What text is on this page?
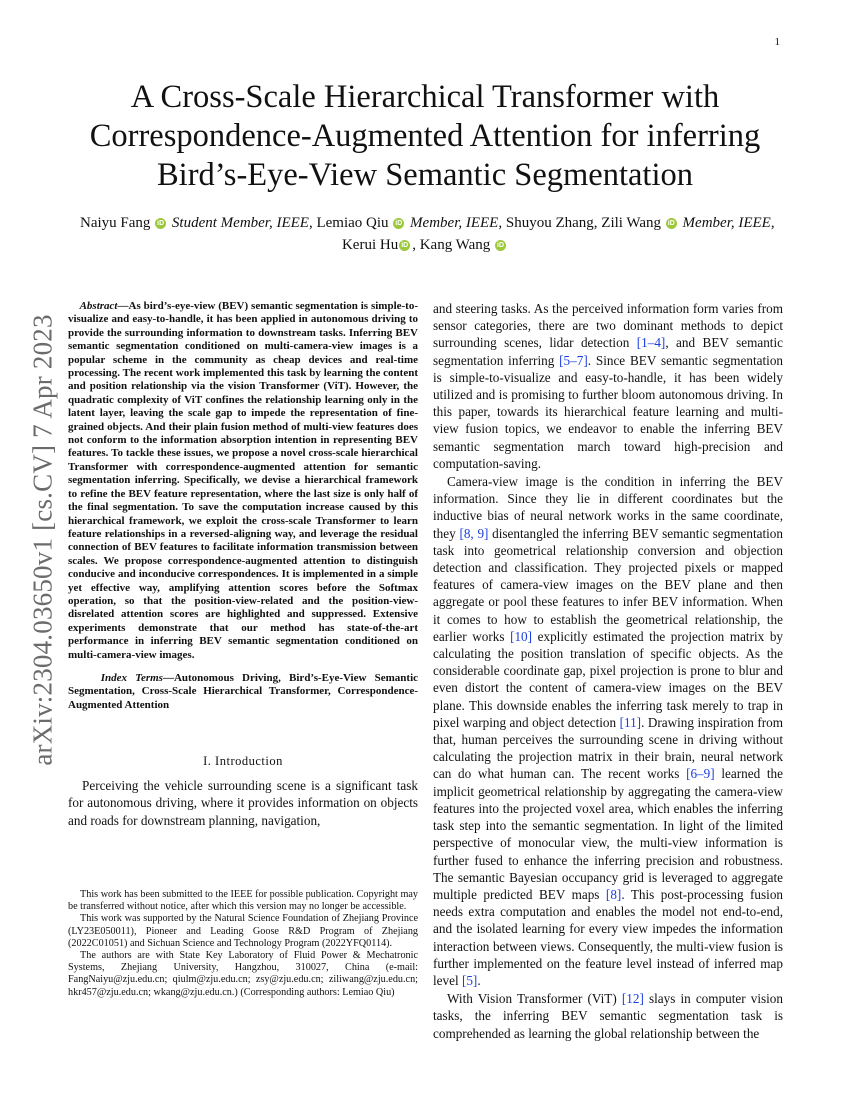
1
arXiv:2304.03650v1 [cs.CV] 7 Apr 2023
A Cross-Scale Hierarchical Transformer with
Correspondence-Augmented Attention for inferring
Bird’s-Eye-View Semantic Segmentation
Naiyu Fang iD Student Member, IEEE, Lemiao Qiu iD Member, IEEE, Shuyou Zhang, Zili Wang iD Member, IEEE,
Kerui Hu iD , Kang Wang iD

Abstract—As bird’s-eye-view (BEV) semantic segmentation is simple-to-visualize and easy-to-handle, it has been applied in autonomous driving to provide the surrounding information to downstream tasks. Inferring BEV semantic segmentation conditioned on multi-camera-view images is a popular scheme in the community as cheap devices and real-time processing. The recent work implemented this task by learning the content and position relationship via the vision Transformer (ViT). However, the quadratic complexity of ViT confines the relationship learning only in the latent layer, leaving the scale gap to impede the representation of fine-grained objects. And their plain fusion method of multi-view features does not conform to the information absorption intention in representing BEV features. To tackle these issues, we propose a novel cross-scale hierarchical Transformer with correspondence-augmented attention for semantic segmentation inferring. Specifically, we devise a hierarchical framework to refine the BEV feature representation, where the last size is only half of the final segmentation. To save the computation increase caused by this hierarchical framework, we exploit the cross-scale Transformer to learn feature relationships in a reversed-aligning way, and leverage the residual connection of BEV features to facilitate information transmission between scales. We propose correspondence-augmented attention to distinguish conducive and inconducive correspondences. It is implemented in a simple yet effective way, amplifying attention scores before the Softmax operation, so that the position-view-related and the position-view-disrelated attention scores are highlighted and suppressed. Extensive experiments demonstrate that our method has state-of-the-art performance in inferring BEV semantic segmentation conditioned on multi-camera-view images.

Index Terms—Autonomous Driving, Bird’s-Eye-View Semantic Segmentation, Cross-Scale Hierarchical Transformer, Correspondence-Augmented Attention

I. Introduction

Perceiving the vehicle surrounding scene is a significant task for autonomous driving, where it provides information on objects and roads for downstream planning, navigation,

This work has been submitted to the IEEE for possible publication. Copyright may be transferred without notice, after which this version may no longer be accessible.

This work was supported by the Natural Science Foundation of Zhejiang Province (LY23E050011), Pioneer and Leading Goose R&D Program of Zhejiang (2022C01051) and Sichuan Science and Technology Program (2022YFQ0114).

The authors are with State Key Laboratory of Fluid Power & Mechatronic Systems, Zhejiang University, Hangzhou, 310027, China (e-mail: FangNaiyu@zju.edu.cn; qiulm@zju.edu.cn; zsy@zju.edu.cn; ziliwang@zju.edu.cn; hkr457@zju.edu.cn; wkang@zju.edu.cn.) (Corresponding authors: Lemiao Qiu)

and steering tasks. As the perceived information form varies from sensor categories, there are two dominant methods to depict surrounding scenes, lidar detection [1–4], and BEV semantic segmentation inferring [5–7]. Since BEV semantic segmentation is simple-to-visualize and easy-to-handle, it has been widely utilized and is promising to further bloom autonomous driving. In this paper, towards its hierarchical feature learning and multi-view fusion topics, we endeavor to enable the inferring BEV semantic segmentation march toward high-precision and computation-saving.

Camera-view image is the condition in inferring the BEV information. Since they lie in different coordinates but the inductive bias of neural network works in the same coordinate, they [8, 9] disentangled the inferring BEV semantic segmentation task into geometrical relationship conversion and objection detection and classification. They projected pixels or mapped features of camera-view images on the BEV plane and then aggregate or pool these features to infer BEV information. When it comes to how to establish the geometrical relationship, the earlier works [10] explicitly estimated the projection matrix by calculating the position translation of specific objects. As the considerable coordinate gap, pixel projection is prone to blur and even distort the content of camera-view images on the BEV plane. This downside enables the inferring task merely to trap in pixel warping and object detection [11]. Drawing inspiration from that, human perceives the surrounding scene in driving without calculating the projection matrix in their brain, neural network can do what human can. The recent works [6–9] learned the implicit geometrical relationship by aggregating the camera-view features into the projected voxel area, which enables the inferring task step into the semantic segmentation. In light of the limited perspective of monocular view, the multi-view information is further fused to enhance the inferring precision and robustness. The semantic Bayesian occupancy grid is leveraged to aggregate multiple predicted BEV maps [8]. This post-processing fusion needs extra computation and enables the model not end-to-end, and the isolated learning for every view impedes the information interaction between views. Consequently, the multi-view fusion is further implemented on the feature level instead of inferred map level [5].

With Vision Transformer (ViT) [12] slays in computer vision tasks, the inferring BEV semantic segmentation task is comprehended as learning the global relationship between the
